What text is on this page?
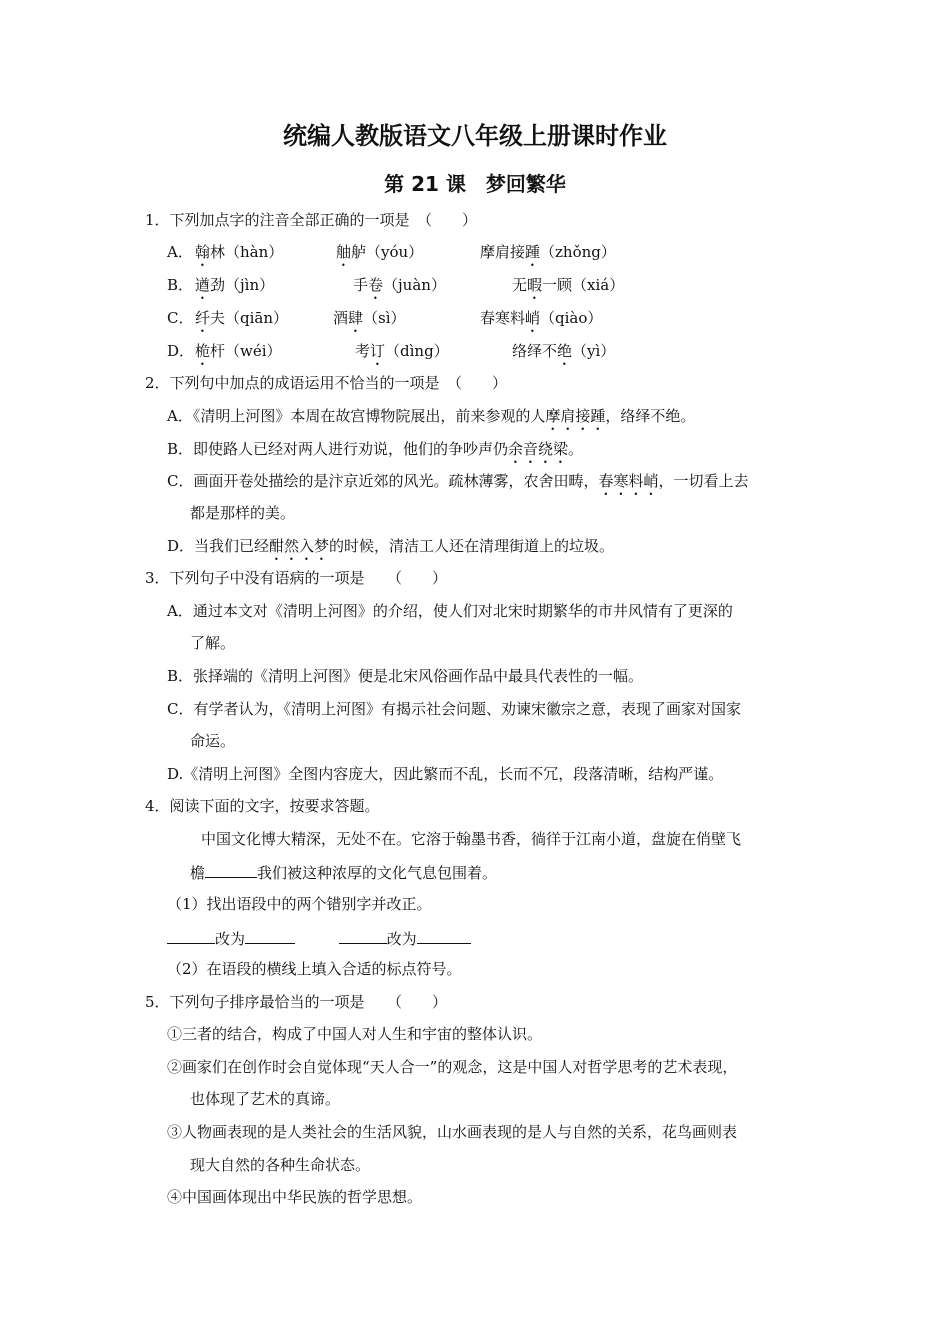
统编人教版语文八年级上册课时作业
第 21 课　梦回繁华
1．下列加点字的注音全部正确的一项是　（　　）
A． 翰林（hàn）	舳舻（yóu）	摩肩接踵（zhǒng）
B． 遒劲（jìn）	手卷（juàn）	无暇一顾（xiá）
C． 纤夫（qiān）	酒肆（sì）	春寒料峭（qiào）
D． 桅杆（wéi）	考订（dìng）	络绎不绝（yì）
2．下列句中加点的成语运用不恰当的一项是　（　　）
A．《清明上河图》本周在故宫博物院展出，前来参观的人摩肩接踵，络绎不绝。
B．即使路人已经对两人进行劝说，他们的争吵声仍余音绕梁。
C．画面开卷处描绘的是汴京近郊的风光。疏林薄雾，农舍田畴，春寒料峭，一切看上去
都是那样的美。
D．当我们已经酣然入梦的时候，清洁工人还在清理街道上的垃圾。
3．下列句子中没有语病的一项是　　（　　）
A．通过本文对《清明上河图》的介绍，使人们对北宋时期繁华的市井风情有了更深的
了解。
B．张择端的《清明上河图》便是北宋风俗画作品中最具代表性的一幅。
C．有学者认为，《清明上河图》有揭示社会问题、劝谏宋徽宗之意，表现了画家对国家
命运。
D.《清明上河图》全图内容庞大，因此繁而不乱，长而不冗，段落清晰，结构严谨。
4．阅读下面的文字，按要求答题。
中国文化博大精深，无处不在。它溶于翰墨书香，徜徉于江南小道，盘旋在俏壁飞
檐	我们被这种浓厚的文化气息包围着。
（1）找出语段中的两个错别字并改正。
改为	改为
（2）在语段的横线上填入合适的标点符号。
5．下列句子排序最恰当的一项是　　（　　）
①三者的结合，构成了中国人对人生和宇宙的整体认识。
②画家们在创作时会自觉体现“天人合一”的观念，这是中国人对哲学思考的艺术表现，
也体现了艺术的真谛。
③人物画表现的是人类社会的生活风貌，山水画表现的是人与自然的关系，花鸟画则表
现大自然的各种生命状态。
④中国画体现出中华民族的哲学思想。
